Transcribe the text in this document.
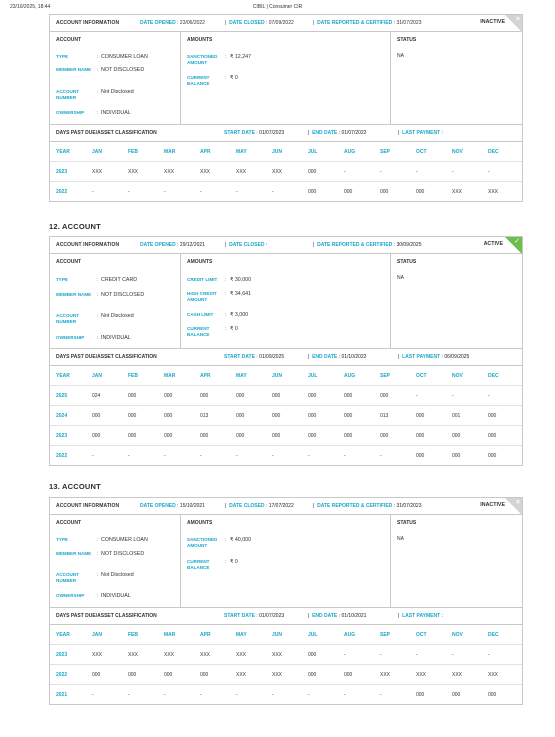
23/10/2025, 18:44	CIBIL | Consumer CIR
ACCOUNT INFORMATION	DATE OPENED : 23/06/2022	| DATE CLOSED : 07/09/2022	| DATE REPORTED & CERTIFIED : 31/07/2023	INACTIVE ×
ACCOUNT
TYPE	: CONSUMER LOAN
MEMBER NAME	: NOT DISCLOSED
ACCOUNT NUMBER
: Not Disclosed
OWNERSHIP	: INDIVIDUAL
AMOUNTS
SANCTIONED AMOUNT
: ₹ 12,247
CURRENT BALANCE
: ₹ 0
STATUS
NA
DAYS PAST DUE/ASSET CLASSIFICATION	START DATE : 01/07/2023	|  END DATE : 01/07/2022	|  LAST PAYMENT :
YEAR	JAN	FEB	MAR	APR	MAY	JUN	JUL	AUG	SEP	OCT	NOV	DEC
2023	XXX	XXX	XXX	XXX	XXX	XXX	000	-	-	-	-	-
2022	-	-	-	-	-	-	000	000	000	000	XXX	XXX
12. ACCOUNT
ACCOUNT INFORMATION	DATE OPENED : 29/12/2021	|  DATE CLOSED :	|  DATE REPORTED & CERTIFIED : 30/09/2025	ACTIVE ✓
ACCOUNT
TYPE	: CREDIT CARD
MEMBER NAME	: NOT DISCLOSED
ACCOUNT NUMBER
: Not Disclosed
OWNERSHIP	: INDIVIDUAL
AMOUNTS
CREDIT LIMIT	: ₹ 30,000
HIGH CREDIT AMOUNT
: ₹ 34,641
CASH LIMIT	: ₹ 3,000
CURRENT BALANCE
: ₹ 0
STATUS
NA
DAYS PAST DUE/ASSET CLASSIFICATION	START DATE : 01/09/2025	|  END DATE : 01/10/2022	|  LAST PAYMENT : 06/09/2025
YEAR	JAN	FEB	MAR	APR	MAY	JUN	JUL	AUG	SEP	OCT	NOV	DEC
2025	024	000	000	000	000	000	000	000	000	-	-	-
2024	000	000	000	013	000	000	000	000	013	000	001	000
2023	000	000	000	000	000	000	000	000	000	000	000	000
2022	-	-	-	-	-	-	-	-	-	000	000	000
13. ACCOUNT
ACCOUNT INFORMATION	DATE OPENED : 15/10/2021	|  DATE CLOSED : 17/07/2022	|  DATE REPORTED & CERTIFIED : 31/07/2023	INACTIVE ×
ACCOUNT
TYPE	: CONSUMER LOAN
MEMBER NAME	: NOT DISCLOSED
ACCOUNT NUMBER
: Not Disclosed
OWNERSHIP	: INDIVIDUAL
AMOUNTS
SANCTIONED AMOUNT
: ₹ 40,000
CURRENT BALANCE
: ₹ 0
STATUS
NA
DAYS PAST DUE/ASSET CLASSIFICATION	START DATE : 01/07/2023	|  END DATE : 01/10/2021	|  LAST PAYMENT :
YEAR	JAN	FEB	MAR	APR	MAY	JUN	JUL	AUG	SEP	OCT	NOV	DEC
2023	XXX	XXX	XXX	XXX	XXX	XXX	000	-	-	-	-	-
2022	000	000	000	000	XXX	XXX	000	000	XXX	XXX	XXX	XXX
2021	-	-	-	-	-	-	-	-	-	000	000	000
